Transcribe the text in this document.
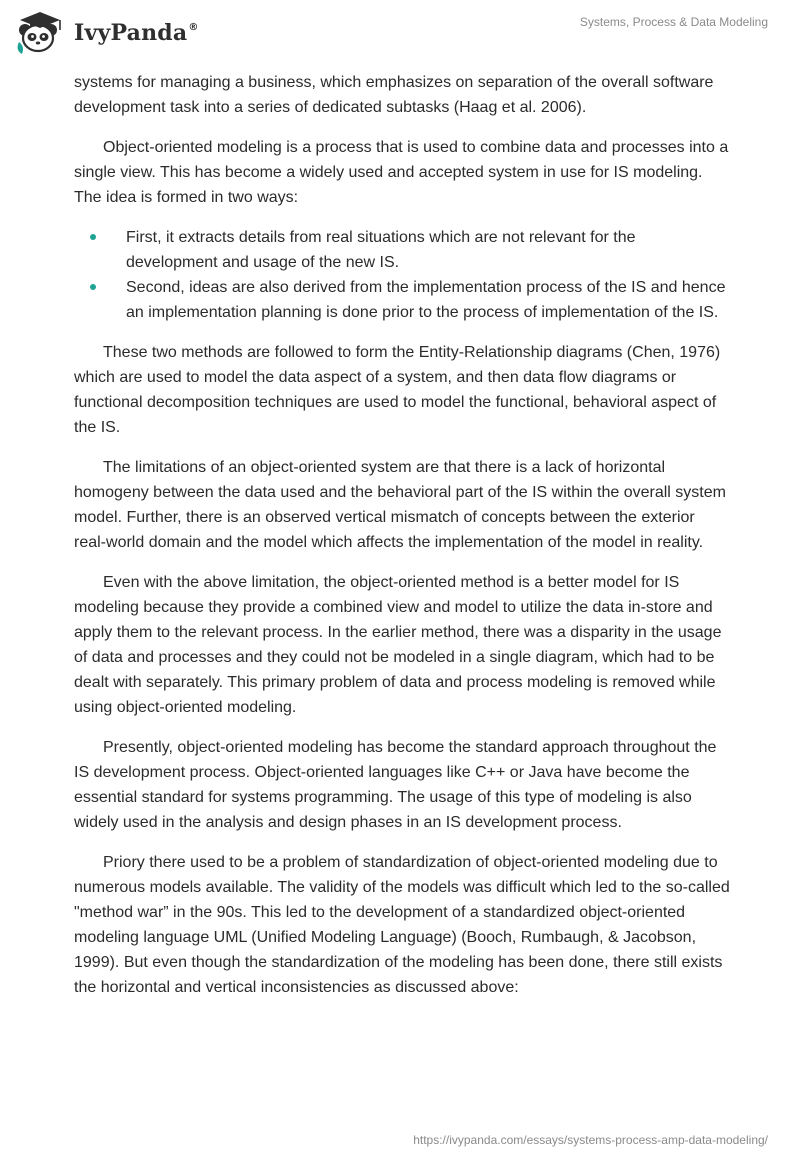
IvyPanda®	Systems, Process & Data Modeling

systems for managing a business, which emphasizes on separation of the overall software development task into a series of dedicated subtasks (Haag et al. 2006).

Object-oriented modeling is a process that is used to combine data and processes into a single view. This has become a widely used and accepted system in use for IS modeling. The idea is formed in two ways:

First, it extracts details from real situations which are not relevant for the development and usage of the new IS.
Second, ideas are also derived from the implementation process of the IS and hence an implementation planning is done prior to the process of implementation of the IS.

These two methods are followed to form the Entity-Relationship diagrams (Chen, 1976) which are used to model the data aspect of a system, and then data flow diagrams or functional decomposition techniques are used to model the functional, behavioral aspect of the IS.

The limitations of an object-oriented system are that there is a lack of horizontal homogeny between the data used and the behavioral part of the IS within the overall system model. Further, there is an observed vertical mismatch of concepts between the exterior real-world domain and the model which affects the implementation of the model in reality.

Even with the above limitation, the object-oriented method is a better model for IS modeling because they provide a combined view and model to utilize the data in-store and apply them to the relevant process. In the earlier method, there was a disparity in the usage of data and processes and they could not be modeled in a single diagram, which had to be dealt with separately. This primary problem of data and process modeling is removed while using object-oriented modeling.

Presently, object-oriented modeling has become the standard approach throughout the IS development process. Object-oriented languages like C++ or Java have become the essential standard for systems programming. The usage of this type of modeling is also widely used in the analysis and design phases in an IS development process.

Priory there used to be a problem of standardization of object-oriented modeling due to numerous models available. The validity of the models was difficult which led to the so-called "method war” in the 90s. This led to the development of a standardized object-oriented modeling language UML (Unified Modeling Language) (Booch, Rumbaugh, & Jacobson, 1999). But even though the standardization of the modeling has been done, there still exists the horizontal and vertical inconsistencies as discussed above:

https://ivypanda.com/essays/systems-process-amp-data-modeling/
